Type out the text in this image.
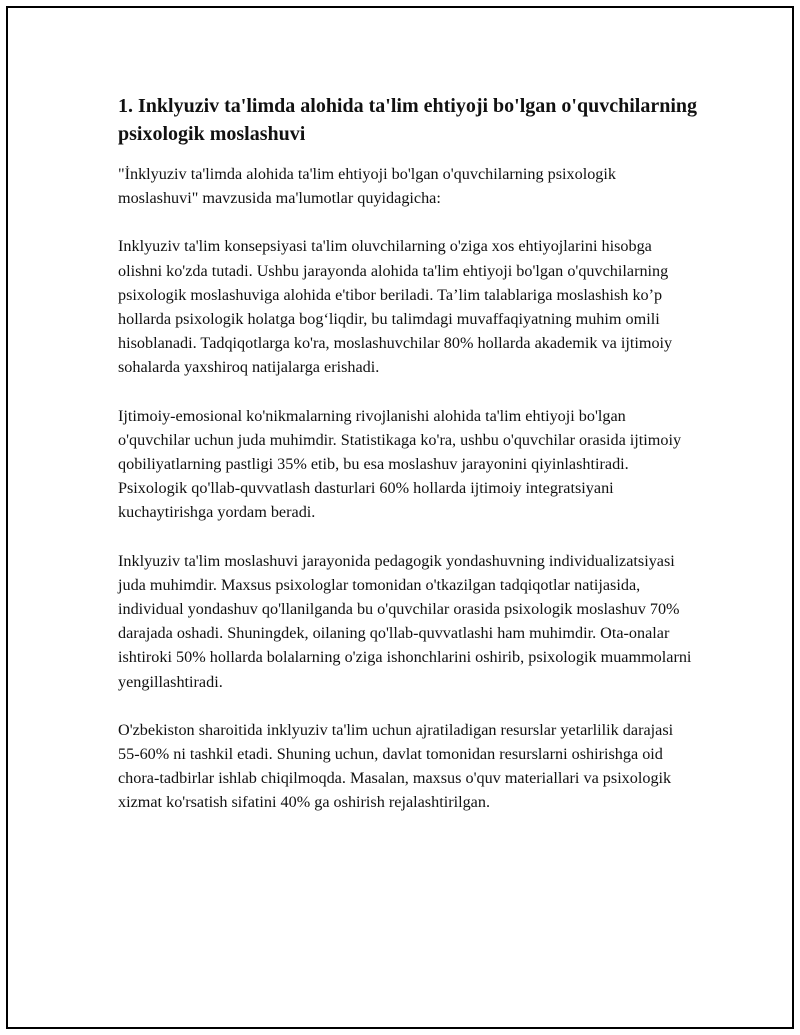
1. Inklyuziv ta'limda alohida ta'lim ehtiyoji bo'lgan o'quvchilarning psixologik moslashuvi

"İnklyuziv ta'limda alohida ta'lim ehtiyoji bo'lgan o'quvchilarning psixologik moslashuvi" mavzusida ma'lumotlar quyidagicha:

Inklyuziv ta'lim konsepsiyasi ta'lim oluvchilarning o'ziga xos ehtiyojlarini hisobga olishni ko'zda tutadi. Ushbu jarayonda alohida ta'lim ehtiyoji bo'lgan o'quvchilarning psixologik moslashuviga alohida e'tibor beriladi. Ta’lim talablariga moslashish ko’p hollarda psixologik holatga bog‘liqdir, bu talimdagi muvaffaqiyatning muhim omili hisoblanadi. Tadqiqotlarga ko'ra, moslashuvchilar 80% hollarda akademik va ijtimoiy sohalarda yaxshiroq natijalarga erishadi.

Ijtimoiy-emosional ko'nikmalarning rivojlanishi alohida ta'lim ehtiyoji bo'lgan o'quvchilar uchun juda muhimdir. Statistikaga ko'ra, ushbu o'quvchilar orasida ijtimoiy qobiliyatlarning pastligi 35% etib, bu esa moslashuv jarayonini qiyinlashtiradi. Psixologik qo'llab-quvvatlash dasturlari 60% hollarda ijtimoiy integratsiyani kuchaytirishga yordam beradi.

Inklyuziv ta'lim moslashuvi jarayonida pedagogik yondashuvning individualizatsiyasi juda muhimdir. Maxsus psixologlar tomonidan o'tkazilgan tadqiqotlar natijasida, individual yondashuv qo'llanilganda bu o'quvchilar orasida psixologik moslashuv 70% darajada oshadi. Shuningdek, oilaning qo'llab-quvvatlashi ham muhimdir. Ota-onalar ishtiroki 50% hollarda bolalarning o'ziga ishonchlarini oshirib, psixologik muammolarni yengillashtiradi.

O'zbekiston sharoitida inklyuziv ta'lim uchun ajratiladigan resurslar yetarlilik darajasi 55-60% ni tashkil etadi. Shuning uchun, davlat tomonidan resurslarni oshirishga oid chora-tadbirlar ishlab chiqilmoqda. Masalan, maxsus o'quv materiallari va psixologik xizmat ko'rsatish sifatini 40% ga oshirish rejalashtirilgan.
